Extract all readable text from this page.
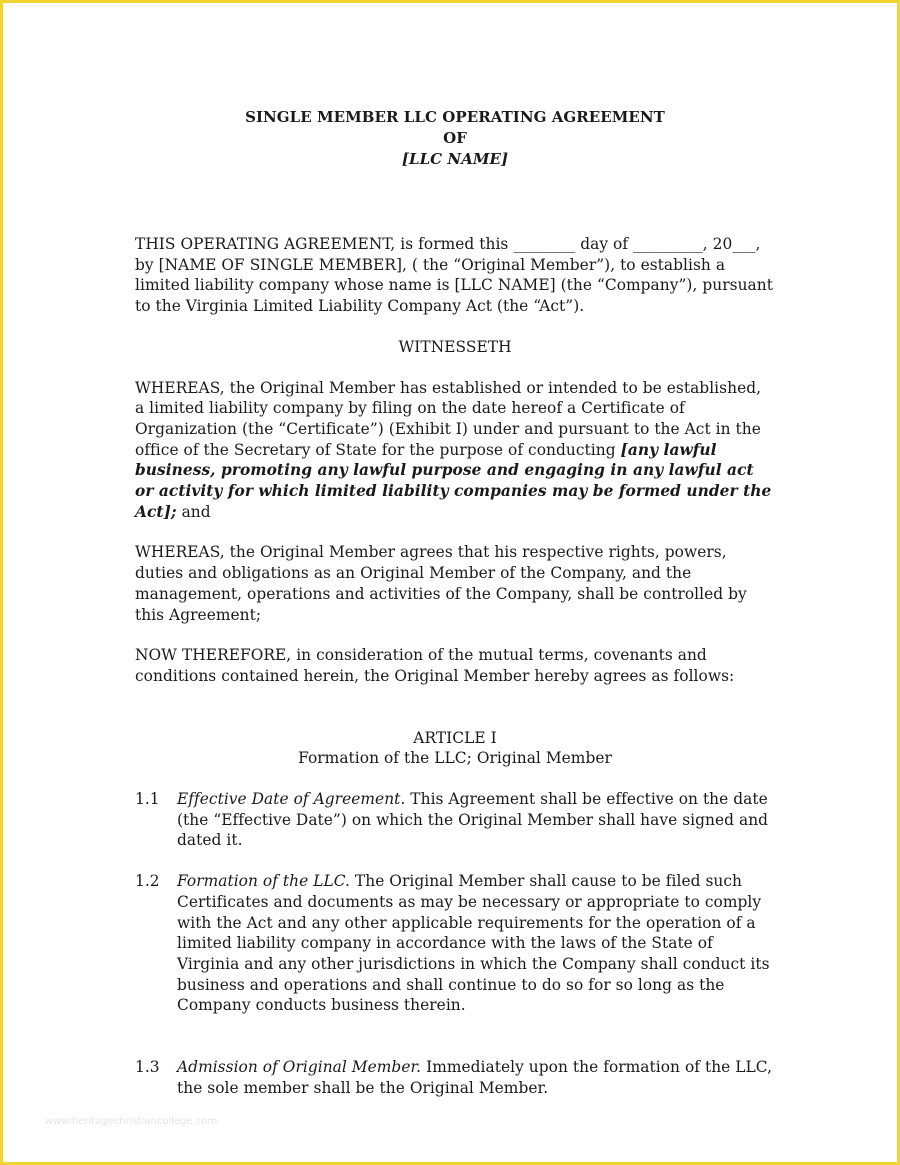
SINGLE MEMBER LLC OPERATING AGREEMENT
OF
[LLC NAME]

THIS OPERATING AGREEMENT, is formed this ________ day of _________, 20___, by [NAME OF SINGLE MEMBER], ( the “Original Member”), to establish a limited liability company whose name is [LLC NAME] (the “Company”), pursuant to the Virginia Limited Liability Company Act (the “Act”).

WITNESSETH

WHEREAS, the Original Member has established or intended to be established, a limited liability company by filing on the date hereof a Certificate of Organization (the “Certificate”) (Exhibit I) under and pursuant to the Act in the office of the Secretary of State for the purpose of conducting [any lawful business, promoting any lawful purpose and engaging in any lawful act or activity for which limited liability companies may be formed under the Act]; and

WHEREAS, the Original Member agrees that his respective rights, powers, duties and obligations as an Original Member of the Company, and the management, operations and activities of the Company, shall be controlled by this Agreement;

NOW THEREFORE, in consideration of the mutual terms, covenants and conditions contained herein, the Original Member hereby agrees as follows:

ARTICLE I
Formation of the LLC; Original Member
1.1 Effective Date of Agreement. This Agreement shall be effective on the date (the “Effective Date”) on which the Original Member shall have signed and dated it.
1.2 Formation of the LLC. The Original Member shall cause to be filed such Certificates and documents as may be necessary or appropriate to comply with the Act and any other applicable requirements for the operation of a limited liability company in accordance with the laws of the State of Virginia and any other jurisdictions in which the Company shall conduct its business and operations and shall continue to do so for so long as the Company conducts business therein.
1.3 Admission of Original Member. Immediately upon the formation of the LLC, the sole member shall be the Original Member.
www.heritagechristiancollege.com
